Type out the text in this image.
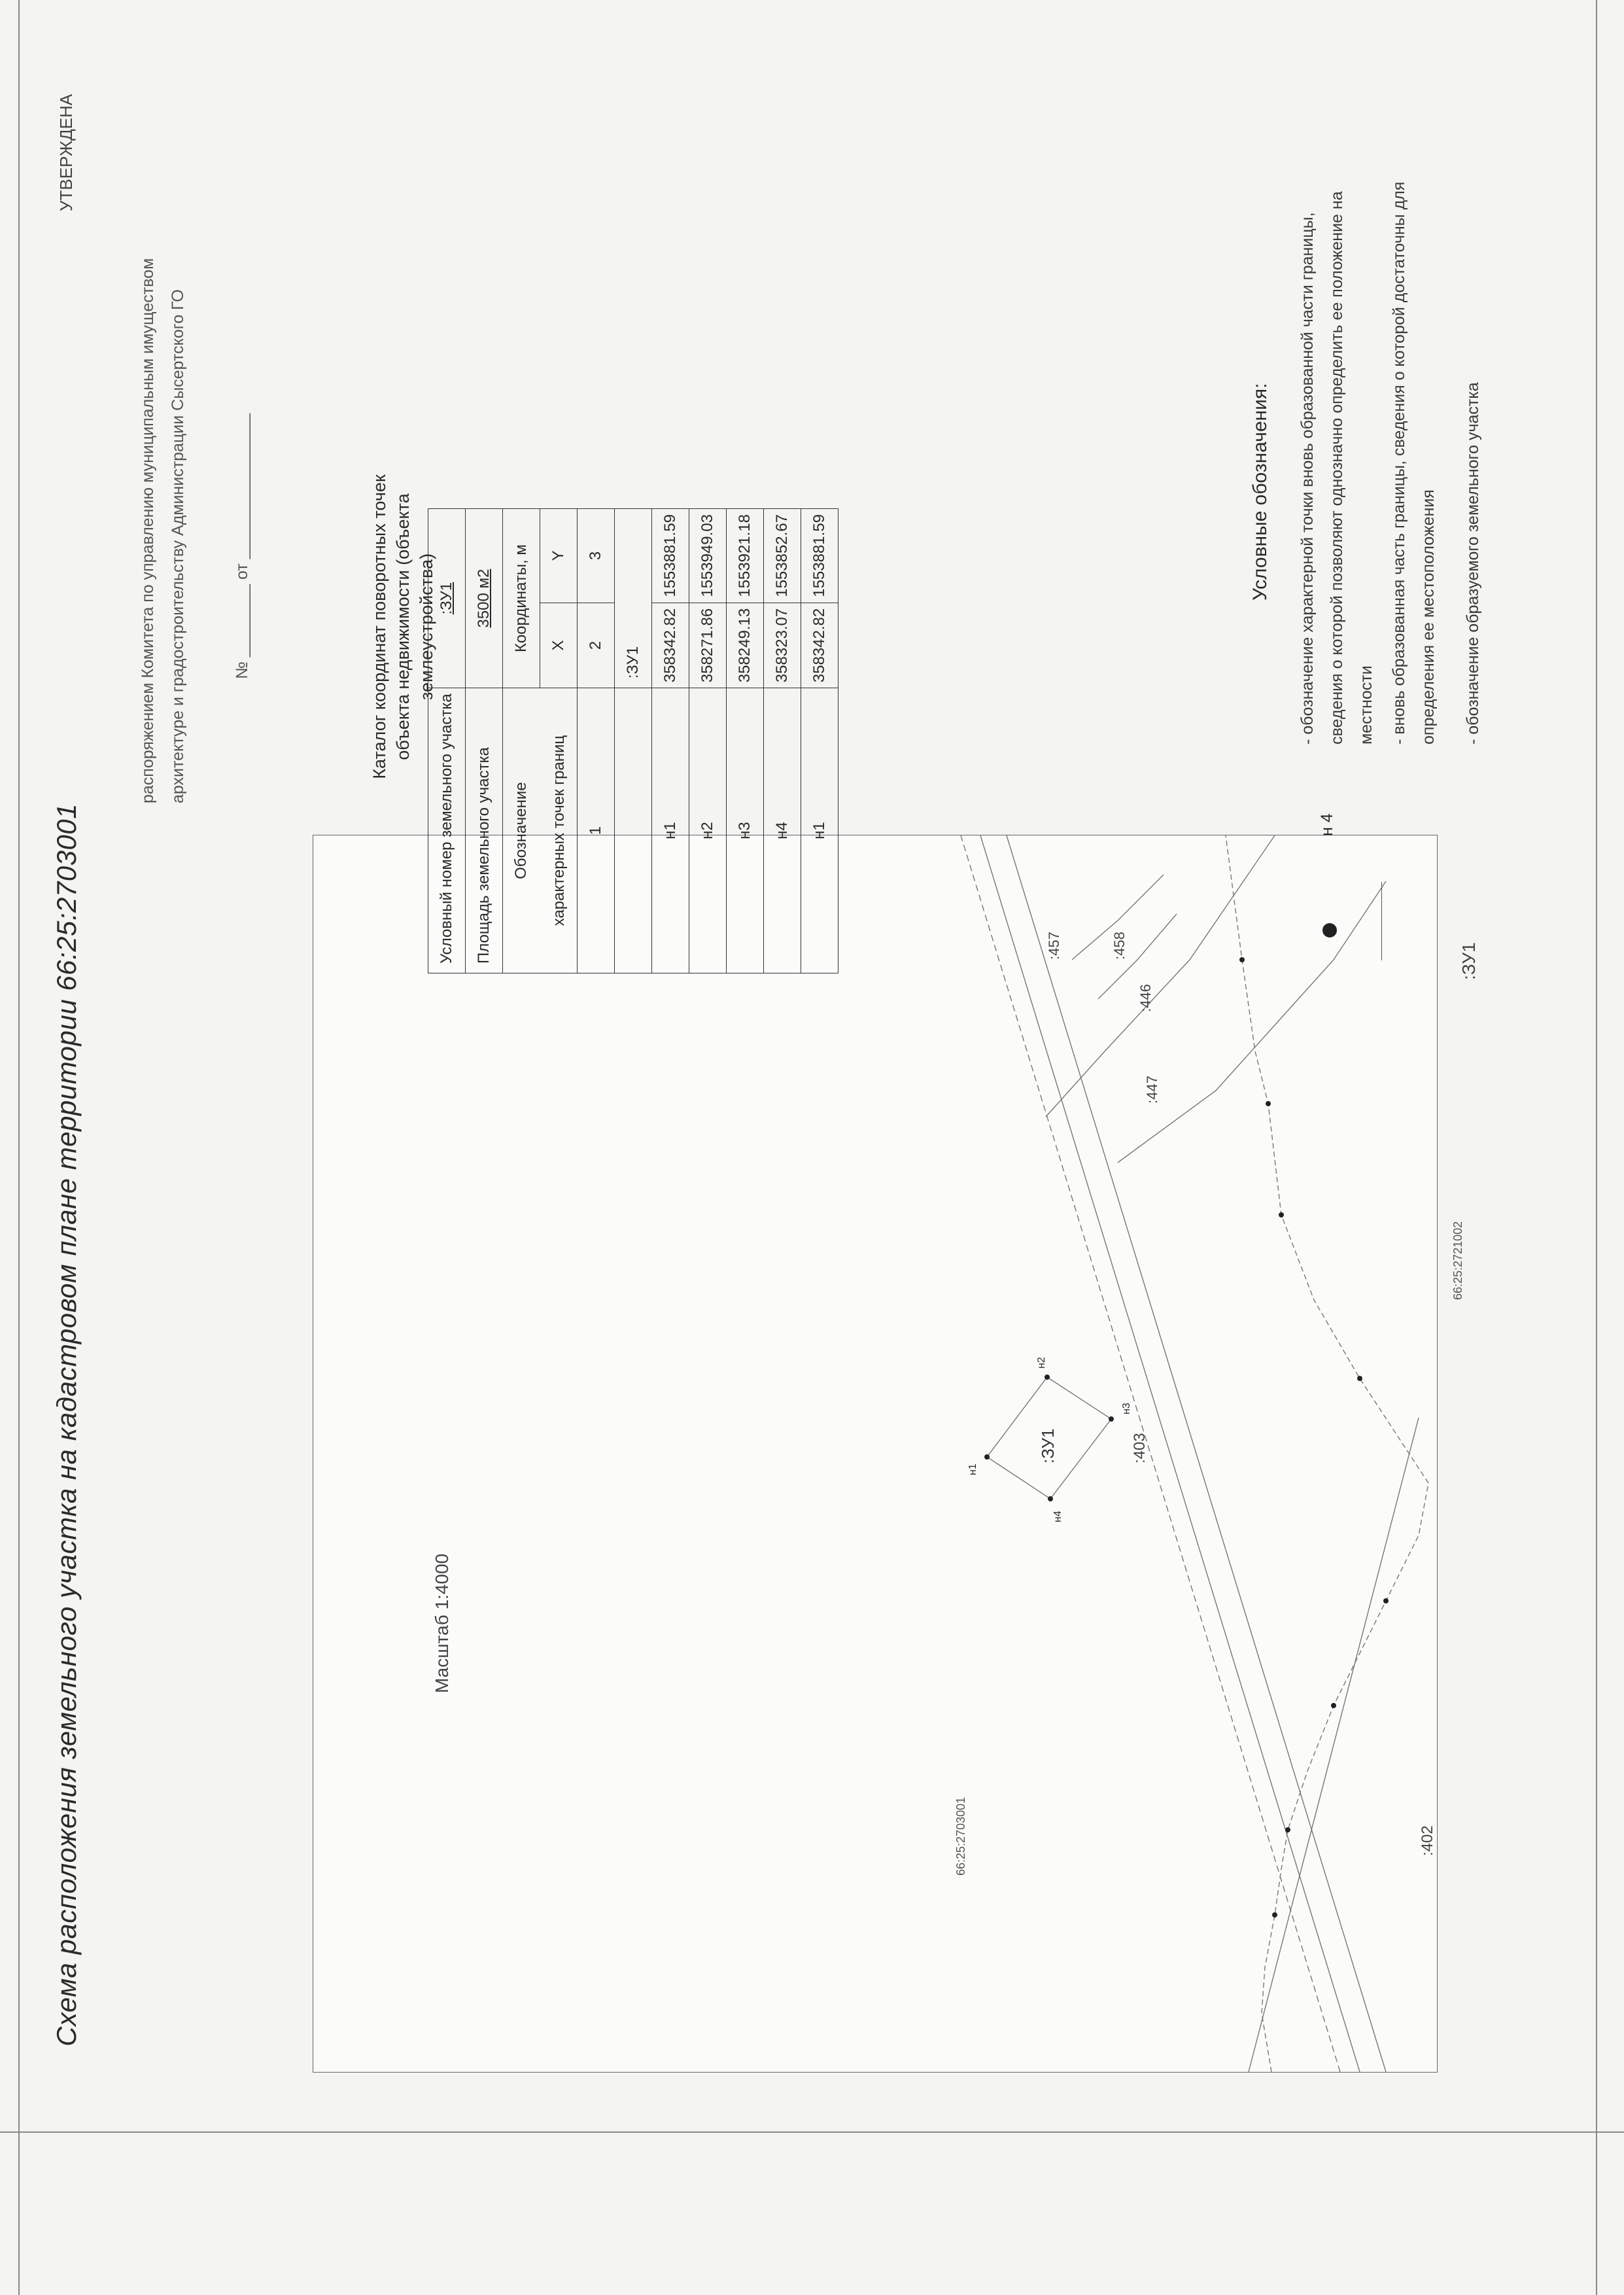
Схема расположения земельного участка на кадастровом плане территории 66:25:2703001
УТВЕРЖДЕНА
распоряжением Комитета по управлению муниципальным имуществом архитектуре и градостроительству Администрации Сысертского ГО	№ ________ от ________________
66:25:2721002
66:25:2703001	:402
:403
:447
:446
:457	:458
:ЗУ1
н1
н2
н3
н4
Масштаб 1:4000
Каталог координат поворотных точек объекта недвижимости (объекта землеустройства)
Условный номер земельного участка	:ЗУ1	
Площадь земельного участка	3500 м2	

Обозначение характерных точек границ	Координаты, м	
	X	Y
1	2	3
	:ЗУ1	
н1	358342.82	1553881.59
н2	358271.86	1553949.03
н3	358249.13	1553921.18
н4	358323.07	1553852.67
н1	358342.82	1553881.59	Условные обозначения:
н 4
- обозначение характерной точки вновь образованной части границы, сведения о которой позволяют однозначно определить ее положение на местности - вновь образованная часть границы, сведения о которой достаточны для определения ее местоположения
:ЗУ1
- обозначение образуемого земельного участка
